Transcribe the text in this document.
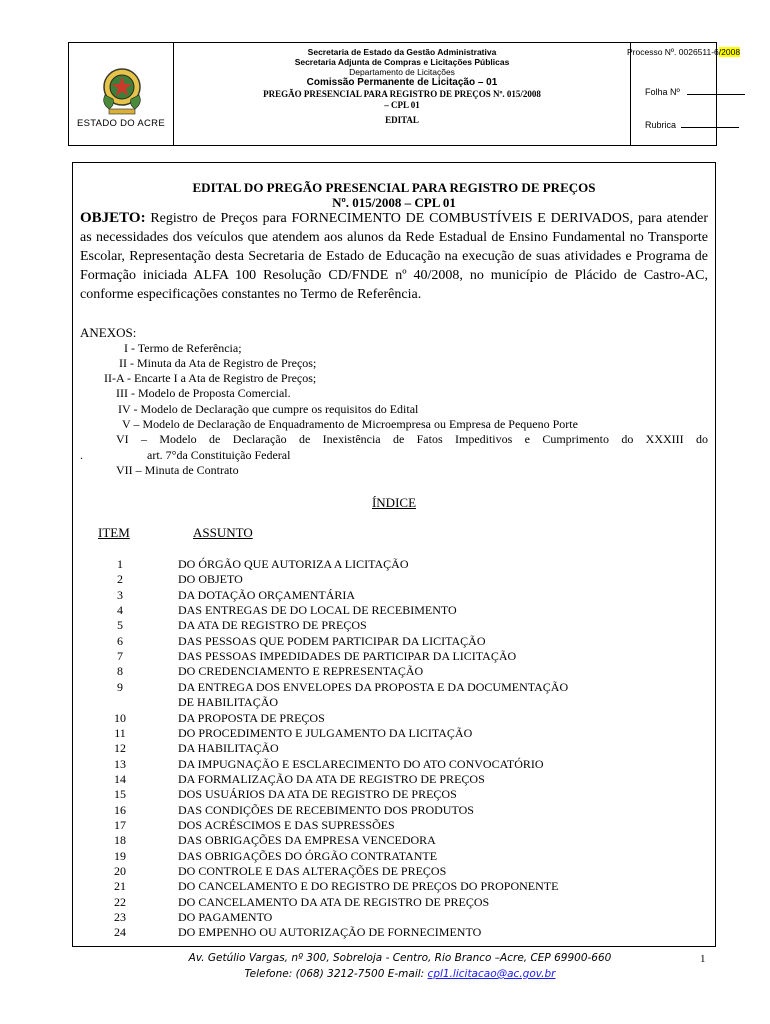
ESTADO DO ACRE
Secretaria de Estado da Gestão Administrativa
Secretaria Adjunta de Compras e Licitações Públicas
Departamento de Licitações
Comissão Permanente de Licitação – 01
PREGÃO PRESENCIAL PARA REGISTRO DE PREÇOS Nº. 015/2008
– CPL 01
EDITAL
Processo Nº. 0026511-6/2008
Folha Nº
Rubrica
EDITAL DO PREGÃO PRESENCIAL PARA REGISTRO DE PREÇOS
Nº. 015/2008 – CPL 01
OBJETO: Registro de Preços para FORNECIMENTO DE COMBUSTÍVEIS E DERIVADOS, para atender as necessidades dos veículos que atendem aos alunos da Rede Estadual de Ensino Fundamental no Transporte Escolar, Representação desta Secretaria de Estado de Educação na execução de suas atividades e Programa de Formação iniciada ALFA 100 Resolução CD/FNDE nº 40/2008, no município de Plácido de Castro-AC, conforme especificações constantes no Termo de Referência.
ANEXOS:
I - Termo de Referência;
II - Minuta da Ata de Registro de Preços;
II-A - Encarte I a Ata de Registro de Preços;
III - Modelo de Proposta Comercial.
IV - Modelo de Declaração que cumpre os requisitos do Edital
V – Modelo de Declaração de Enquadramento de Microempresa ou Empresa de Pequeno Porte
VI – Modelo de Declaração de Inexistência de Fatos Impeditivos e Cumprimento do XXXIII do
.	art. 7°da Constituição Federal
VII – Minuta de Contrato
ÍNDICE
ITEM	ASSUNTO
1	DO ÓRGÃO QUE AUTORIZA A LICITAÇÃO
2	DO OBJETO
3	DA DOTAÇÃO ORÇAMENTÁRIA
4	DAS ENTREGAS DE DO LOCAL DE RECEBIMENTO
5	DA ATA DE REGISTRO DE PREÇOS
6	DAS PESSOAS QUE PODEM PARTICIPAR DA LICITAÇÃO
7	DAS PESSOAS IMPEDIDADES DE PARTICIPAR DA LICITAÇÃO
8	DO CREDENCIAMENTO E REPRESENTAÇÃO
9	DA ENTREGA DOS ENVELOPES DA PROPOSTA E DA DOCUMENTAÇÃO
DE HABILITAÇÃO
10	DA PROPOSTA DE PREÇOS
11	DO PROCEDIMENTO E JULGAMENTO DA LICITAÇÃO
12	DA HABILITAÇÃO
13	DA IMPUGNAÇÃO E ESCLARECIMENTO DO ATO CONVOCATÓRIO
14	DA FORMALIZAÇÃO DA ATA DE REGISTRO DE PREÇOS
15	DOS USUÁRIOS DA ATA DE REGISTRO DE PREÇOS
16	DAS CONDIÇÕES DE RECEBIMENTO DOS PRODUTOS
17	DOS ACRÉSCIMOS E DAS SUPRESSÕES
18	DAS OBRIGAÇÕES DA EMPRESA VENCEDORA
19	DAS OBRIGAÇÕES DO ÓRGÃO CONTRATANTE
20	DO CONTROLE E DAS ALTERAÇÕES DE PREÇOS
21	DO CANCELAMENTO E DO REGISTRO DE PREÇOS DO PROPONENTE
22	DO CANCELAMENTO DA ATA DE REGISTRO DE PREÇOS
23	DO PAGAMENTO
24	DO EMPENHO OU AUTORIZAÇÃO DE FORNECIMENTO
Av. Getúlio Vargas, nº 300, Sobreloja - Centro, Rio Branco –Acre, CEP 69900-660
Telefone: (068) 3212-7500 E-mail: cpl1.licitacao@ac.gov.br
1
